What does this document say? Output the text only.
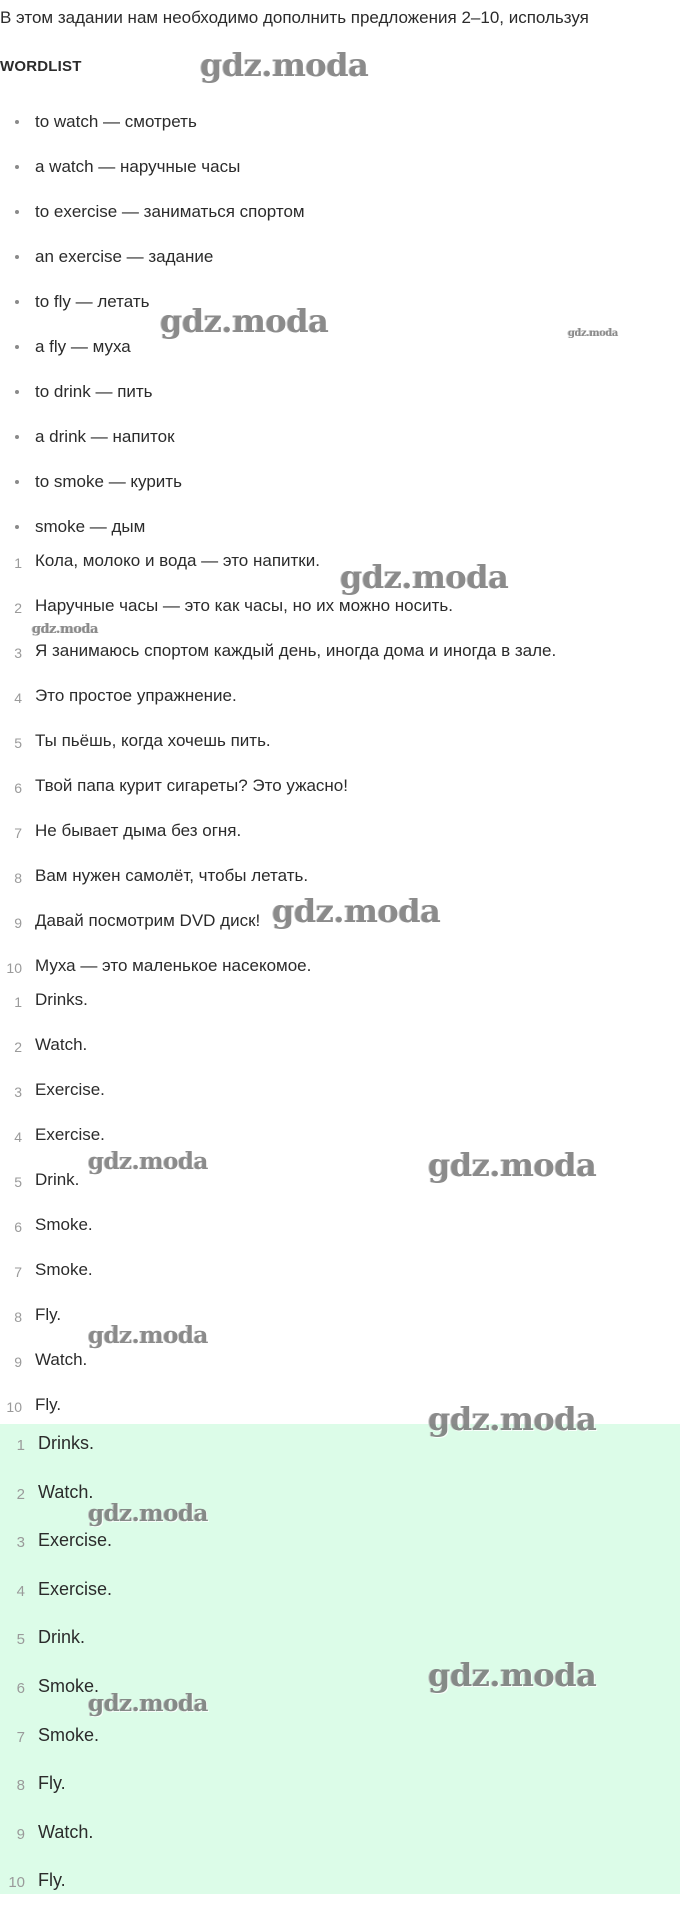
В этом задании нам необходимо дополнить предложения 2–10, используя
WORDLIST
to watch — смотреть
a watch — наручные часы
to exercise — заниматься спортом
an exercise — задание
to fly — летать
a fly — муха
to drink — пить
a drink — напиток
to smoke — курить
smoke — дым
1 Кола, молоко и вода — это напитки.
2 Наручные часы — это как часы, но их можно носить.
3 Я занимаюсь спортом каждый день, иногда дома и иногда в зале.
4 Это простое упражнение.
5 Ты пьёшь, когда хочешь пить.
6 Твой папа курит сигареты? Это ужасно!
7 Не бывает дыма без огня.
8 Вам нужен самолёт, чтобы летать.
9 Давай посмотрим DVD диск!
10 Муха — это маленькое насекомое.
1 Drinks.
2 Watch.
3 Exercise.
4 Exercise.
5 Drink.
6 Smoke.
7 Smoke.
8 Fly.
9 Watch.
10 Fly.
1 Drinks.
2 Watch.
3 Exercise.
4 Exercise.
5 Drink.
6 Smoke.
7 Smoke.
8 Fly.
9 Watch.
10 Fly.
gdz.moda
gdz.moda	gdz.moda
gdz.moda
gdz.moda
gdz.moda
gdz.moda	gdz.moda
gdz.moda
gdz.moda
gdz.moda
gdz.moda
gdz.moda
